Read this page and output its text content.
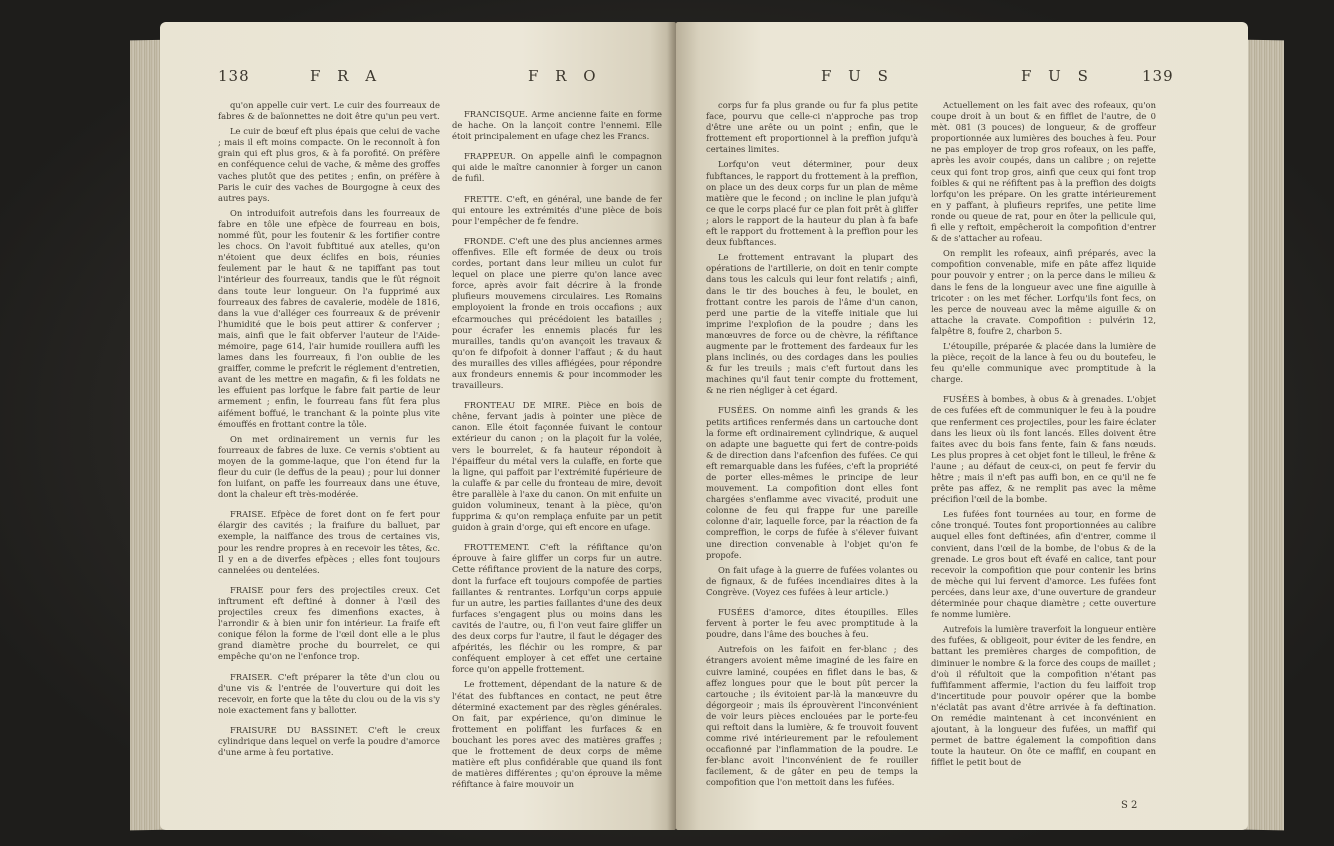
138	F R A	F R O

qu'on appelle cuir vert. Le cuir des fourreaux de fabres & de baïonnettes ne doit être qu'un peu vert.

Le cuir de bœuf eft plus épais que celui de vache ; mais il eft moins compacte. On le reconnoît à fon grain qui eft plus gros, & à fa porofité. On préfère en conféquence celui de vache, & même des groffes vaches plutôt que des petites ; enfin, on préfère à Paris le cuir des vaches de Bourgogne à ceux des autres pays.

On introduifoit autrefois dans les fourreaux de fabre en tôle une efpèce de fourreau en bois, nommé fût, pour les foutenir & les fortifier contre les chocs. On l'avoit fubftitué aux atelles, qu'on n'étoient que deux éclifes en bois, réunies feulement par le haut & ne tapiffant pas tout l'intérieur des fourreaux, tandis que le fût régnoit dans toute leur longueur. On l'a fupprimé aux fourreaux des fabres de cavalerie, modèle de 1816, dans la vue d'alléger ces fourreaux & de prévenir l'humidité que le bois peut attirer & conferver ; mais, ainfi que le fait obferver l'auteur de l'Aide-mémoire, page 614, l'air humide rouillera auffi les lames dans les fourreaux, fi l'on oublie de les graiffer, comme le prefcrit le réglement d'entretien, avant de les mettre en magafin, & fi les foldats ne les effuient pas lorfque le fabre fait partie de leur armement ; enfin, le fourreau fans fût fera plus aifément boffué, le tranchant & la pointe plus vite émouffés en frottant contre la tôle.

On met ordinairement un vernis fur les fourreaux de fabres de luxe. Ce vernis s'obtient au moyen de la gomme-laque, que l'on étend fur la fleur du cuir (le deffus de la peau) ; pour lui donner fon luifant, on paffe les fourreaux dans une étuve, dont la chaleur eft très-modérée.

FRAISE. Efpèce de foret dont on fe fert pour élargir des cavités ; la fraifure du balluet, par exemple, la naiffance des trous de certaines vis, pour les rendre propres à en recevoir les têtes, &c. Il y en a de diverfes efpèces ; elles font toujours cannelées ou dentelées.

FRAISE pour fers des projectiles creux. Cet inftrument eft deftiné à donner à l'œil des projectiles creux fes dimenfions exactes, à l'arrondir & à bien unir fon intérieur. La fraife eft conique félon la forme de l'œil dont elle a le plus grand diamètre proche du bourrelet, ce qui empêche qu'on ne l'enfonce trop.

FRAISER. C'eft préparer la tête d'un clou ou d'une vis & l'entrée de l'ouverture qui doit les recevoir, en forte que la tête du clou ou de la vis s'y noie exactement fans y ballotter.

FRAISURE DU BASSINET. C'eft le creux cylindrique dans lequel on verfe la poudre d'amorce d'une arme à feu portative.

FRANCISQUE. Arme ancienne faite en forme de hache. On la lançoit contre l'ennemi. Elle étoit principalement en ufage chez les Francs.

FRAPPEUR. On appelle ainfi le compagnon qui aide le maître canonnier à forger un canon de fufil.

FRETTE. C'eft, en général, une bande de fer qui entoure les extrémités d'une pièce de bois pour l'empêcher de fe fendre.

FRONDE. C'eft une des plus anciennes armes offenfives. Elle eft formée de deux ou trois cordes, portant dans leur milieu un culot fur lequel on place une pierre qu'on lance avec force, après avoir fait décrire à la fronde plufieurs mouvemens circulaires. Les Romains employoient la fronde en trois occafions ; aux efcarmouches qui précédoient les batailles ; pour écrafer les ennemis placés fur les murailles, tandis qu'on avançoit les travaux & qu'on fe difpofoit à donner l'affaut ; & du haut des murailles des villes affiégées, pour répondre aux frondeurs ennemis & pour incommoder les travailleurs.

FRONTEAU DE MIRE. Pièce en bois de chêne, fervant jadis à pointer une pièce de canon. Elle étoit façonnée fuivant le contour extérieur du canon ; on la plaçoit fur la volée, vers le bourrelet, & fa hauteur répondoit à l'épaiffeur du métal vers la culaffe, en forte que la ligne, qui paffoit par l'extrémité fupérieure de la culaffe & par celle du fronteau de mire, devoit être parallèle à l'axe du canon. On mit enfuite un guidon volumineux, tenant à la pièce, qu'on fupprima & qu'on remplaça enfuite par un petit guidon à grain d'orge, qui eft encore en ufage.

FROTTEMENT. C'eft la réfiftance qu'on éprouve à faire gliffer un corps fur un autre. Cette réfiftance provient de la nature des corps, dont la furface eft toujours compofée de parties faillantes & rentrantes. Lorfqu'un corps appuie fur un autre, les parties faillantes d'une des deux furfaces s'engagent plus ou moins dans les cavités de l'autre, ou, fi l'on veut faire gliffer un des deux corps fur l'autre, il faut le dégager des afpérités, les fléchir ou les rompre, & par conféquent employer à cet effet une certaine force qu'on appelle frottement.

Le frottement, dépendant de la nature & de l'état des fubftances en contact, ne peut être déterminé exactement par des règles générales. On fait, par expérience, qu'on diminue le frottement en poliffant les furfaces & en bouchant les pores avec des matières graffes ; que le frottement de deux corps de même matière eft plus confidérable que quand ils font de matières différentes ; qu'on éprouve la même réfiftance à faire mouvoir un

F U S	F U S	139

corps fur fa plus grande ou fur fa plus petite face, pourvu que celle-ci n'approche pas trop d'être une arête ou un point ; enfin, que le frottement eft proportionnel à la preffion jufqu'à certaines limites.

Lorfqu'on veut déterminer, pour deux fubftances, le rapport du frottement à la preffion, on place un des deux corps fur un plan de même matière que le fecond ; on incline le plan jufqu'à ce que le corps placé fur ce plan foit prêt à gliffer ; alors le rapport de la hauteur du plan à fa bafe eft le rapport du frottement à la preffion pour les deux fubftances.

Le frottement entravant la plupart des opérations de l'artillerie, on doit en tenir compte dans tous les calculs qui leur font relatifs ; ainfi, dans le tir des bouches à feu, le boulet, en frottant contre les parois de l'âme d'un canon, perd une partie de la viteffe initiale que lui imprime l'explofion de la poudre ; dans les manœuvres de force ou de chèvre, la réfiftance augmente par le frottement des fardeaux fur les plans inclinés, ou des cordages dans les poulies & fur les treuils ; mais c'eft furtout dans les machines qu'il faut tenir compte du frottement, & ne rien négliger à cet égard.

FUSÉES. On nomme ainfi les grands & les petits artifices renfermés dans un cartouche dont la forme eft ordinairement cylindrique, & auquel on adapte une baguette qui fert de contre-poids & de direction dans l'afcenfion des fufées. Ce qui eft remarquable dans les fufées, c'eft la propriété de porter elles-mêmes le principe de leur mouvement. La compofition dont elles font chargées s'enflamme avec vivacité, produit une colonne de feu qui frappe fur une pareille colonne d'air, laquelle force, par la réaction de fa compreffion, le corps de fufée à s'élever fuivant une direction convenable à l'objet qu'on fe propofe.

On fait ufage à la guerre de fufées volantes ou de fignaux, & de fufées incendiaires dites à la Congrève. (Voyez ces fufées à leur article.)

FUSÉES d'amorce, dites étoupilles. Elles fervent à porter le feu avec promptitude à la poudre, dans l'âme des bouches à feu.

Autrefois on les faifoit en fer-blanc ; des étrangers avoient même imaginé de les faire en cuivre laminé, coupées en fiflet dans le bas, & affez longues pour que le bout pût percer la cartouche ; ils évitoient par-là la manœuvre du dégorgeoir ; mais ils éprouvèrent l'inconvénient de voir leurs pièces enclouées par le porte-feu qui reftoit dans la lumière, & fe trouvoit fouvent comme rivé intérieurement par le refoulement occafionné par l'inflammation de la poudre. Le fer-blanc avoit l'inconvénient de fe rouiller facilement, & de gâter en peu de temps la compofition que l'on mettoit dans les fufées.

Actuellement on les fait avec des rofeaux, qu'on coupe droit à un bout & en fifflet de l'autre, de 0 mèt. 081 (3 pouces) de longueur, & de groffeur proportionnée aux lumières des bouches à feu. Pour ne pas employer de trop gros rofeaux, on les paffe, après les avoir coupés, dans un calibre ; on rejette ceux qui font trop gros, ainfi que ceux qui font trop foibles & qui ne réfiftent pas à la preffion des doigts lorfqu'on les prépare. On les gratte intérieurement en y paffant, à plufieurs reprifes, une petite lime ronde ou queue de rat, pour en ôter la pellicule qui, fi elle y reftoit, empêcheroit la compofition d'entrer & de s'attacher au rofeau.

On remplit les rofeaux, ainfi préparés, avec la compofition convenable, mife en pâte affez liquide pour pouvoir y entrer ; on la perce dans le milieu & dans le fens de la longueur avec une fine aiguille à tricoter : on les met fécher. Lorfqu'ils font fecs, on les perce de nouveau avec la même aiguille & on attache la cravate. Compofition : pulvérin 12, falpêtre 8, foufre 2, charbon 5.

L'étoupille, préparée & placée dans la lumière de la pièce, reçoit de la lance à feu ou du boutefeu, le feu qu'elle communique avec promptitude à la charge.

FUSÉES à bombes, à obus & à grenades. L'objet de ces fufées eft de communiquer le feu à la poudre que renferment ces projectiles, pour les faire éclater dans les lieux où ils font lancés. Elles doivent être faites avec du bois fans fente, fain & fans nœuds. Les plus propres à cet objet font le tilleul, le frêne & l'aune ; au défaut de ceux-ci, on peut fe fervir du hêtre ; mais il n'eft pas auffi bon, en ce qu'il ne fe prête pas affez, & ne remplit pas avec la même précifion l'œil de la bombe.

Les fufées font tournées au tour, en forme de cône tronqué. Toutes font proportionnées au calibre auquel elles font deftinées, afin d'entrer, comme il convient, dans l'œil de la bombe, de l'obus & de la grenade. Le gros bout eft évafé en calice, tant pour recevoir la compofition que pour contenir les brins de mèche qui lui fervent d'amorce. Les fufées font percées, dans leur axe, d'une ouverture de grandeur déterminée pour chaque diamètre ; cette ouverture fe nomme lumière.

Autrefois la lumière traverfoit la longueur entière des fufées, & obligeoit, pour éviter de les fendre, en battant les premières charges de compofition, de diminuer le nombre & la force des coups de maillet ; d'où il réfultoit que la compofition n'étant pas fuffifamment affermie, l'action du feu laiffoit trop d'incertitude pour pouvoir opérer que la bombe n'éclatât pas avant d'être arrivée à fa deftination. On remédie maintenant à cet inconvénient en ajoutant, à la longueur des fufées, un maffif qui permet de battre également la compofition dans toute la hauteur. On ôte ce maffif, en coupant en fifflet le petit bout de

S 2
